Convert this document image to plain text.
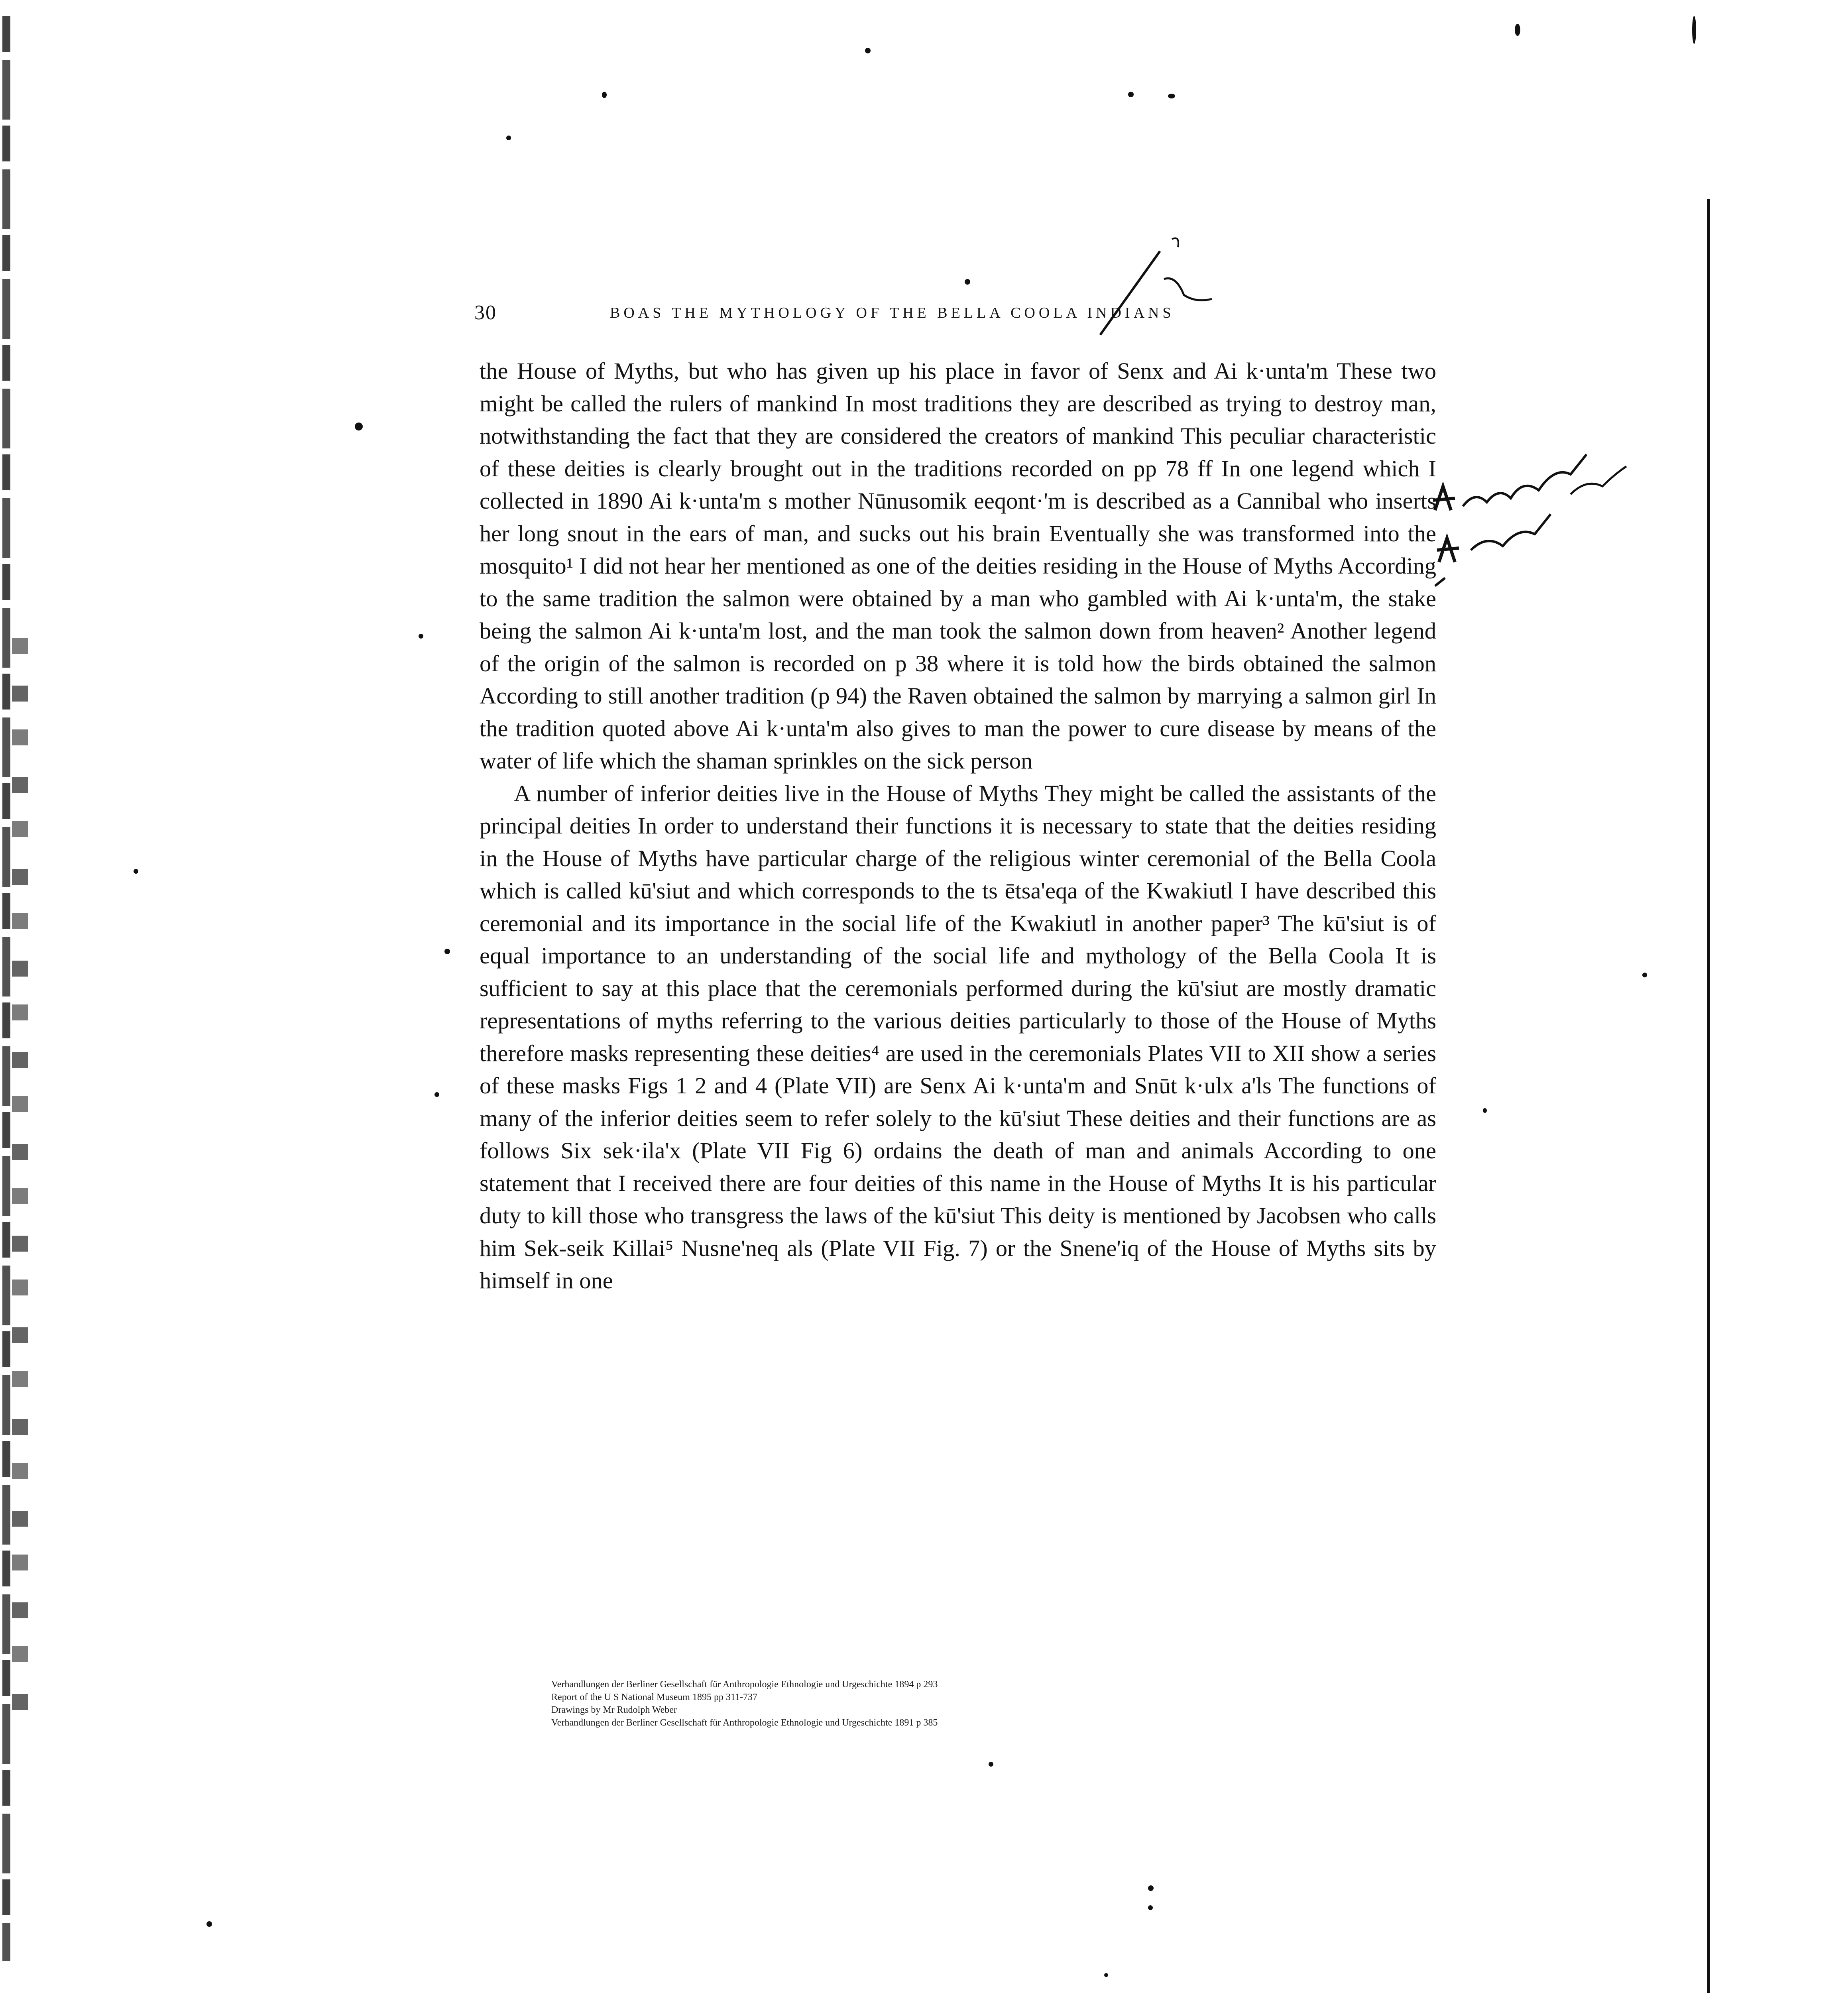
30	BOAS THE MYTHOLOGY OF THE BELLA COOLA INDIANS

the House of Myths, but who has given up his place in favor of Senx and Ai k·unta'm These two might be called the rulers of mankind In most traditions they are described as trying to destroy man, notwithstanding the fact that they are considered the creators of mankind This peculiar characteristic of these deities is clearly brought out in the traditions recorded on pp 78 ff In one legend which I collected in 1890 Ai k·unta'm s mother Nūnusomik eeqont·'m is described as a Cannibal who inserts her long snout in the ears of man, and sucks out his brain Eventually she was transformed into the mosquito¹ I did not hear her mentioned as one of the deities residing in the House of Myths According to the same tradition the salmon were obtained by a man who gambled with Ai k·unta'm, the stake being the salmon Ai k·unta'm lost, and the man took the salmon down from heaven² Another legend of the origin of the salmon is recorded on p 38 where it is told how the birds obtained the salmon According to still another tradition (p 94) the Raven obtained the salmon by marrying a salmon girl In the tradition quoted above Ai k·unta'm also gives to man the power to cure disease by means of the water of life which the shaman sprinkles on the sick person

A number of inferior deities live in the House of Myths They might be called the assistants of the principal deities In order to understand their functions it is necessary to state that the deities residing in the House of Myths have particular charge of the religious winter ceremonial of the Bella Coola which is called kū'siut and which corresponds to the ts ētsa'eqa of the Kwakiutl I have described this ceremonial and its importance in the social life of the Kwakiutl in another paper³ The kū'siut is of equal importance to an understanding of the social life and mythology of the Bella Coola It is sufficient to say at this place that the ceremonials performed during the kū'siut are mostly dramatic representations of myths referring to the various deities particularly to those of the House of Myths therefore masks representing these deities⁴ are used in the ceremonials Plates VII to XII show a series of these masks Figs 1 2 and 4 (Plate VII) are Senx Ai k·unta'm and Snūt k·ulx a'ls The functions of many of the inferior deities seem to refer solely to the kū'siut These deities and their functions are as follows Six sek·ila'x (Plate VII Fig 6) ordains the death of man and animals According to one statement that I received there are four deities of this name in the House of Myths It is his particular duty to kill those who transgress the laws of the kū'siut This deity is mentioned by Jacobsen who calls him Sek-seik Killai⁵ Nusne'neq als (Plate VII Fig. 7) or the Snene'iq of the House of Myths sits by himself in one

Verhandlungen der Berliner Gesellschaft für Anthropologie Ethnologie und Urgeschichte 1894 p 293
Report of the U S National Museum 1895 pp 311-737
Drawings by Mr Rudolph Weber
Verhandlungen der Berliner Gesellschaft für Anthropologie Ethnologie und Urgeschichte 1891 p 385
